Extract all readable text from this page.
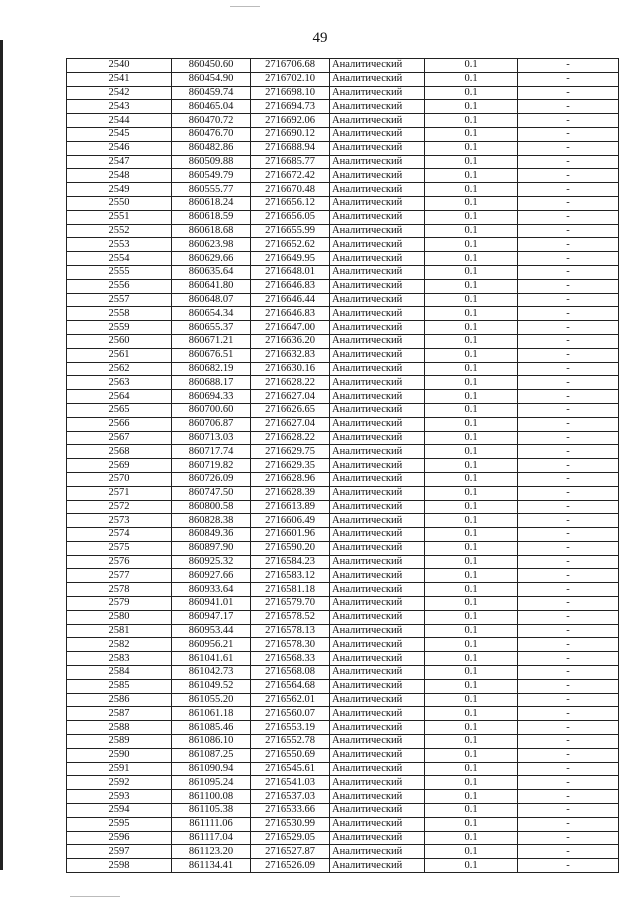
49
2540	860450.60	2716706.68	Аналитический	0.1	-
2541	860454.90	2716702.10	Аналитический	0.1	-
2542	860459.74	2716698.10	Аналитический	0.1	-
2543	860465.04	2716694.73	Аналитический	0.1	-
2544	860470.72	2716692.06	Аналитический	0.1	-
2545	860476.70	2716690.12	Аналитический	0.1	-
2546	860482.86	2716688.94	Аналитический	0.1	-
2547	860509.88	2716685.77	Аналитический	0.1	-
2548	860549.79	2716672.42	Аналитический	0.1	-
2549	860555.77	2716670.48	Аналитический	0.1	-
2550	860618.24	2716656.12	Аналитический	0.1	-
2551	860618.59	2716656.05	Аналитический	0.1	-
2552	860618.68	2716655.99	Аналитический	0.1	-
2553	860623.98	2716652.62	Аналитический	0.1	-
2554	860629.66	2716649.95	Аналитический	0.1	-
2555	860635.64	2716648.01	Аналитический	0.1	-
2556	860641.80	2716646.83	Аналитический	0.1	-
2557	860648.07	2716646.44	Аналитический	0.1	-
2558	860654.34	2716646.83	Аналитический	0.1	-
2559	860655.37	2716647.00	Аналитический	0.1	-
2560	860671.21	2716636.20	Аналитический	0.1	-
2561	860676.51	2716632.83	Аналитический	0.1	-
2562	860682.19	2716630.16	Аналитический	0.1	-
2563	860688.17	2716628.22	Аналитический	0.1	-
2564	860694.33	2716627.04	Аналитический	0.1	-
2565	860700.60	2716626.65	Аналитический	0.1	-
2566	860706.87	2716627.04	Аналитический	0.1	-
2567	860713.03	2716628.22	Аналитический	0.1	-
2568	860717.74	2716629.75	Аналитический	0.1	-
2569	860719.82	2716629.35	Аналитический	0.1	-
2570	860726.09	2716628.96	Аналитический	0.1	-
2571	860747.50	2716628.39	Аналитический	0.1	-
2572	860800.58	2716613.89	Аналитический	0.1	-
2573	860828.38	2716606.49	Аналитический	0.1	-
2574	860849.36	2716601.96	Аналитический	0.1	-
2575	860897.90	2716590.20	Аналитический	0.1	-
2576	860925.32	2716584.23	Аналитический	0.1	-
2577	860927.66	2716583.12	Аналитический	0.1	-
2578	860933.64	2716581.18	Аналитический	0.1	-
2579	860941.01	2716579.70	Аналитический	0.1	-
2580	860947.17	2716578.52	Аналитический	0.1	-
2581	860953.44	2716578.13	Аналитический	0.1	-
2582	860956.21	2716578.30	Аналитический	0.1	-
2583	861041.61	2716568.33	Аналитический	0.1	-
2584	861042.73	2716568.08	Аналитический	0.1	-
2585	861049.52	2716564.68	Аналитический	0.1	-
2586	861055.20	2716562.01	Аналитический	0.1	-
2587	861061.18	2716560.07	Аналитический	0.1	-
2588	861085.46	2716553.19	Аналитический	0.1	-
2589	861086.10	2716552.78	Аналитический	0.1	-
2590	861087.25	2716550.69	Аналитический	0.1	-
2591	861090.94	2716545.61	Аналитический	0.1	-
2592	861095.24	2716541.03	Аналитический	0.1	-
2593	861100.08	2716537.03	Аналитический	0.1	-
2594	861105.38	2716533.66	Аналитический	0.1	-
2595	861111.06	2716530.99	Аналитический	0.1	-
2596	861117.04	2716529.05	Аналитический	0.1	-
2597	861123.20	2716527.87	Аналитический	0.1	-
2598	861134.41	2716526.09	Аналитический	0.1	-
